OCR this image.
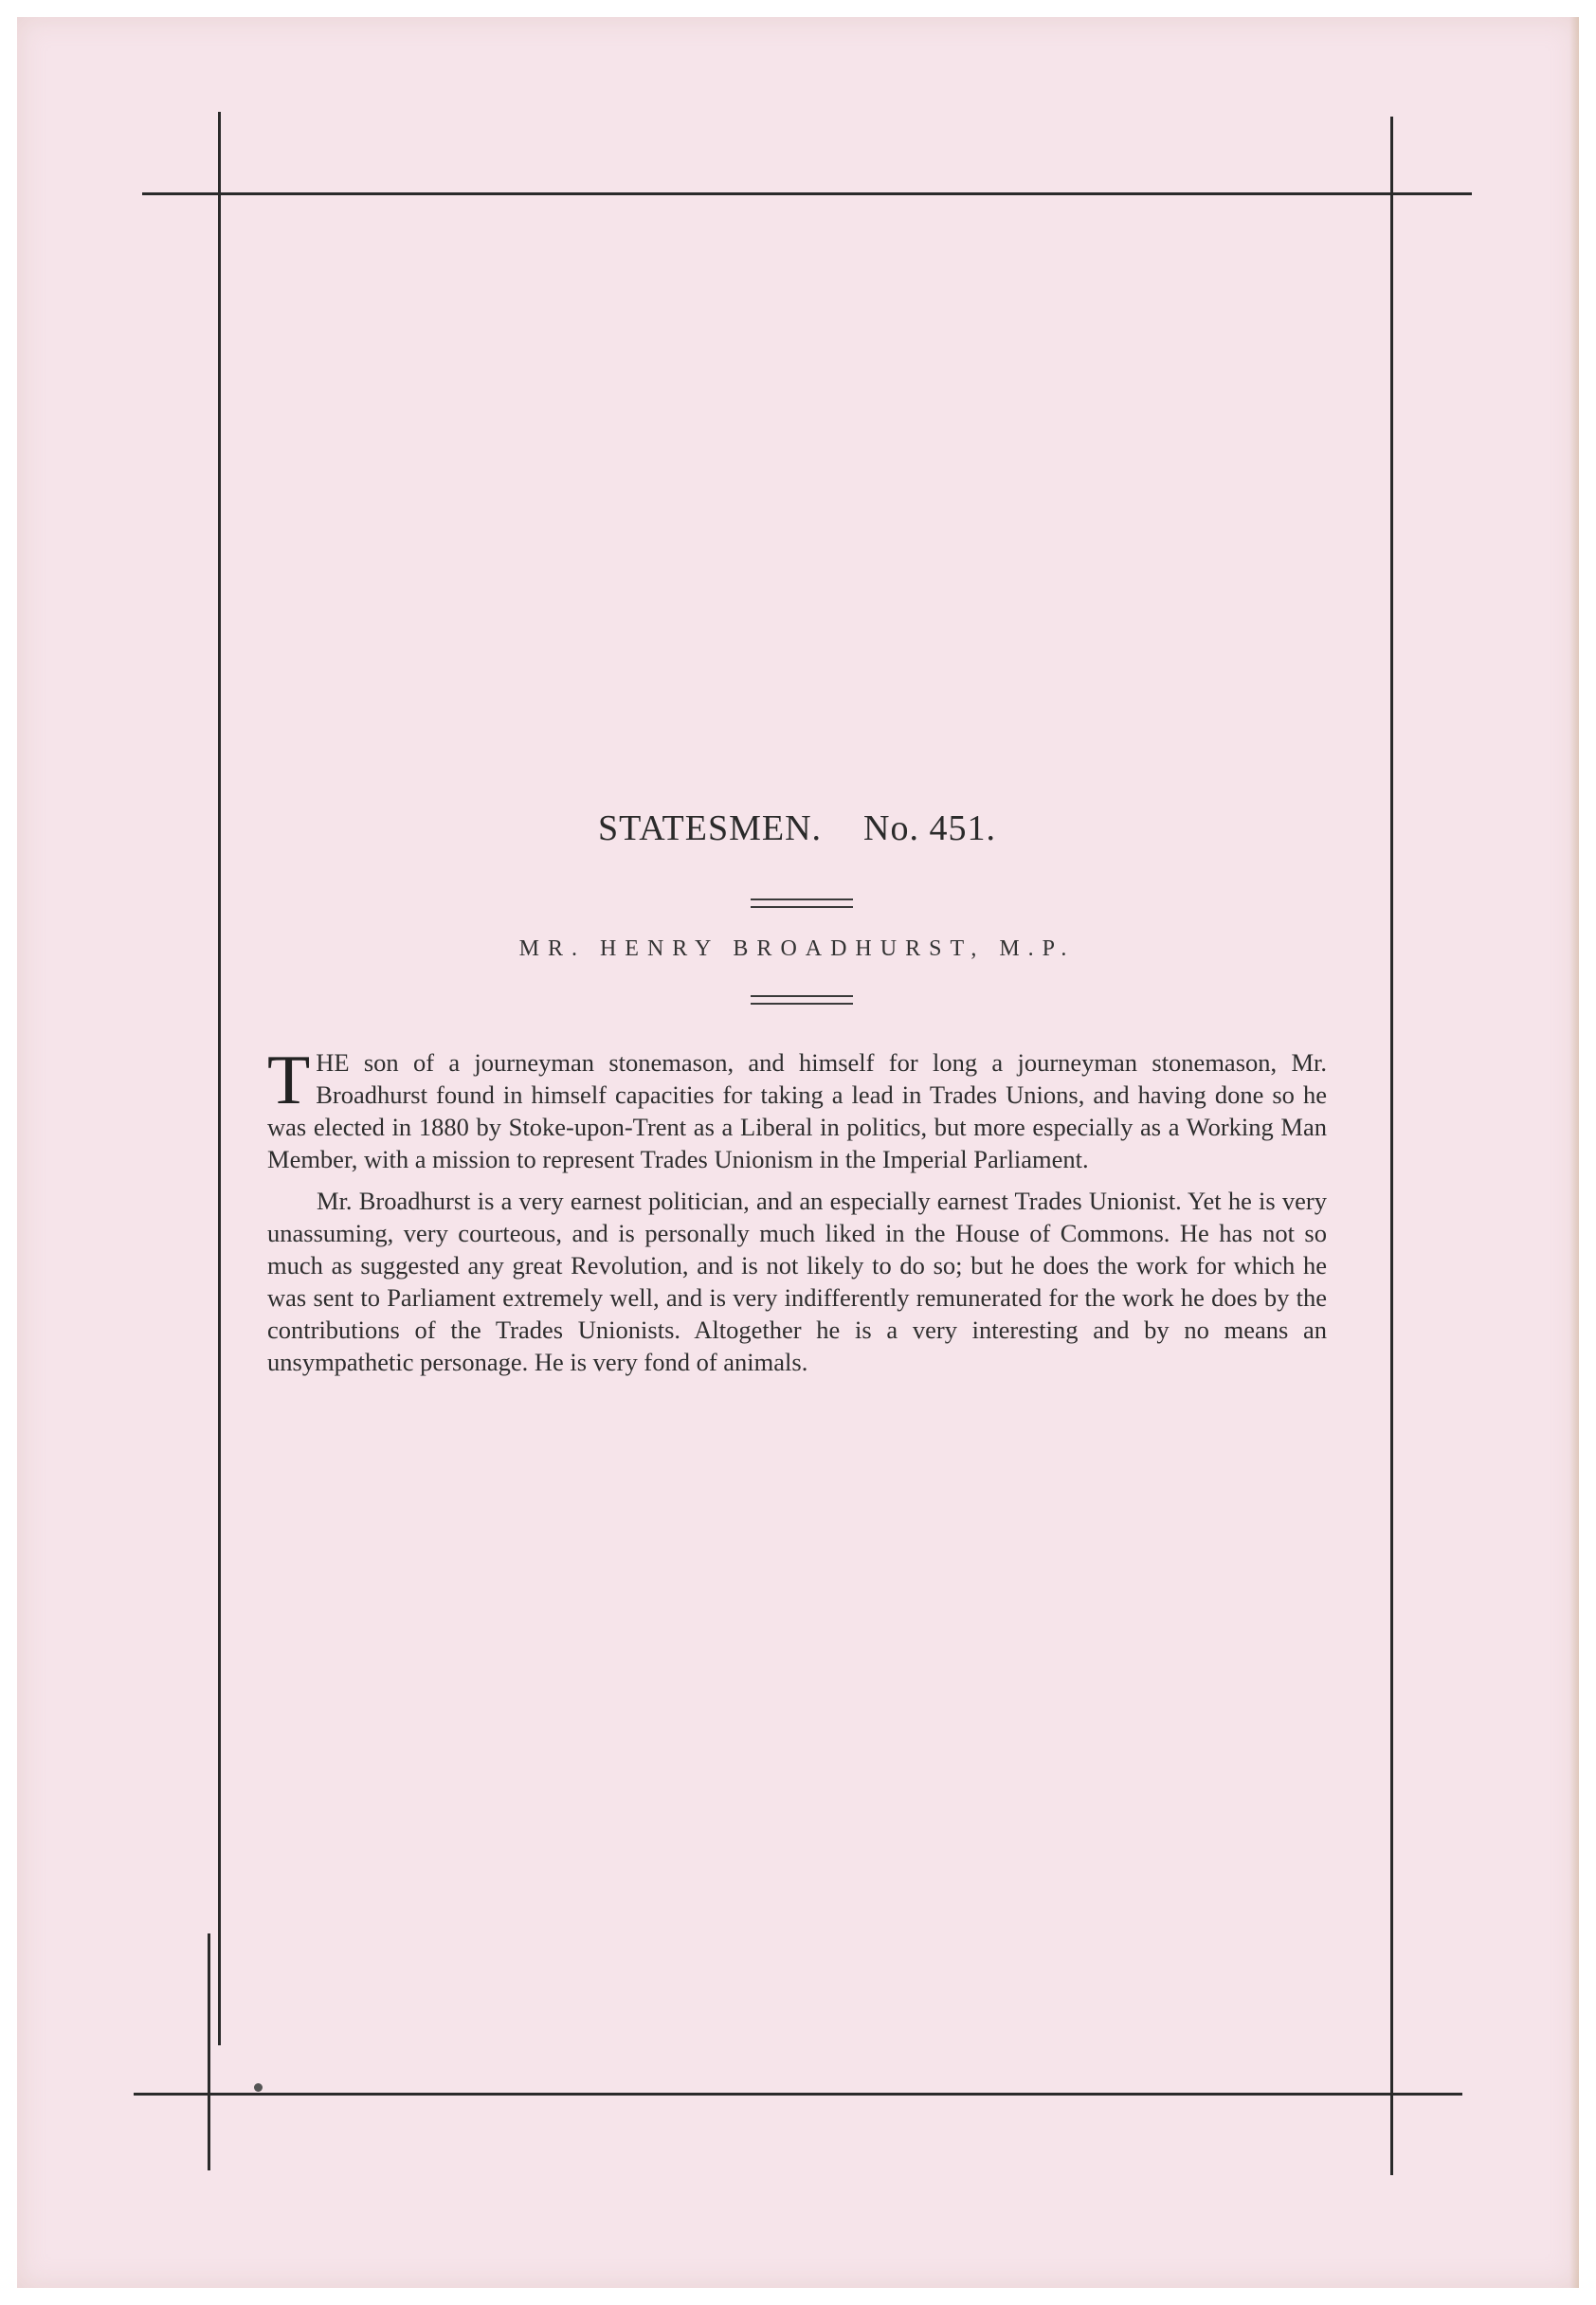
STATESMEN. No. 451.
MR. HENRY BROADHURST, M.P.

THE son of a journeyman stonemason, and himself for long a journeyman stonemason, Mr. Broadhurst found in himself capacities for taking a lead in Trades Unions, and having done so he was elected in 1880 by Stoke-upon-Trent as a Liberal in politics, but more especially as a Working Man Member, with a mission to represent Trades Unionism in the Imperial Parliament.

Mr. Broadhurst is a very earnest politician, and an especially earnest Trades Unionist. Yet he is very unassuming, very courteous, and is personally much liked in the House of Commons. He has not so much as suggested any great Revolution, and is not likely to do so; but he does the work for which he was sent to Parliament extremely well, and is very indifferently remunerated for the work he does by the contributions of the Trades Unionists. Altogether he is a very interesting and by no means an unsympathetic personage. He is very fond of animals.
